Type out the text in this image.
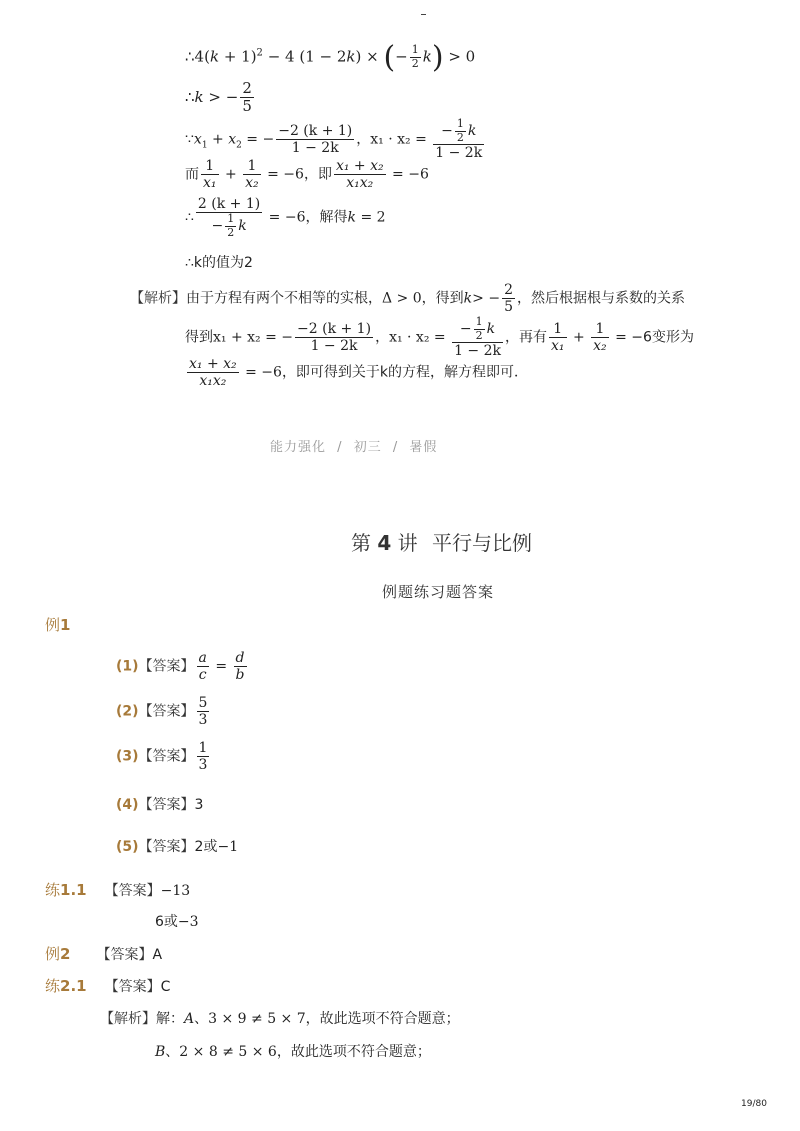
∴4(k + 1)$^2$ − 4 (1 − 2k) × (− $\frac{1}{2} k) > 0$
∴k > − $\frac{2}{5}$
$\because x_1 + x_2$ = − $\frac{-2 (k + 1)}{1 - 2k}$ ，$x_1 \cdot x_2 = \frac{- \frac{1}{2} k}{1 - 2k}$
而 $\frac{1}{\text{x₁}} + \frac{1}{\text{x₂}} = -6$，即 $\frac{\text{x₁ + x₂}}{\text{x₁x₂}} = -6$
∴ $\frac{2 (k + 1)}{- \frac{1}{2} k} = -6$，解得k = 2
∴k的值为2
【解析】由于方程有两个不相等的实根，Δ > 0，得到$k> - \frac{2}{5}$ ，然后根据根与系数的关系
得到x₁ + x₂ = − $\frac{-2 (k + 1)}{1 - 2k}$ ，$x_1 \cdot x_2 = \frac{- \frac{1}{2} k}{1 - 2k}$ ，再有 $\frac{1}{\text{x₁}} + \frac{1}{\text{x₂}} = -6$变形为
$\frac{\text{x₁ + x₂}}{\text{x₁x₂}} = -6$，即可得到关于k的方程，解方程即可．
能力强化 / 初三 / 暑假
第 4 讲 平行与比例
例题练习题答案
例1
(1)【答案】 $\frac{a}{c} = \frac{d}{b}$
(2)【答案】 $\frac{5}{3}$
(3)【答案】 $\frac{1}{3}$
(4)【答案】3
(5)【答案】2或−1
练1.1 【答案】−13
6或−3
例2 【答案】A
练2.1 【答案】C
【解析】解：A、3 × 9 ≠ 5 × 7，故此选项不符合题意；
B、2 × 8 ≠ 5 × 6，故此选项不符合题意；
19/80
